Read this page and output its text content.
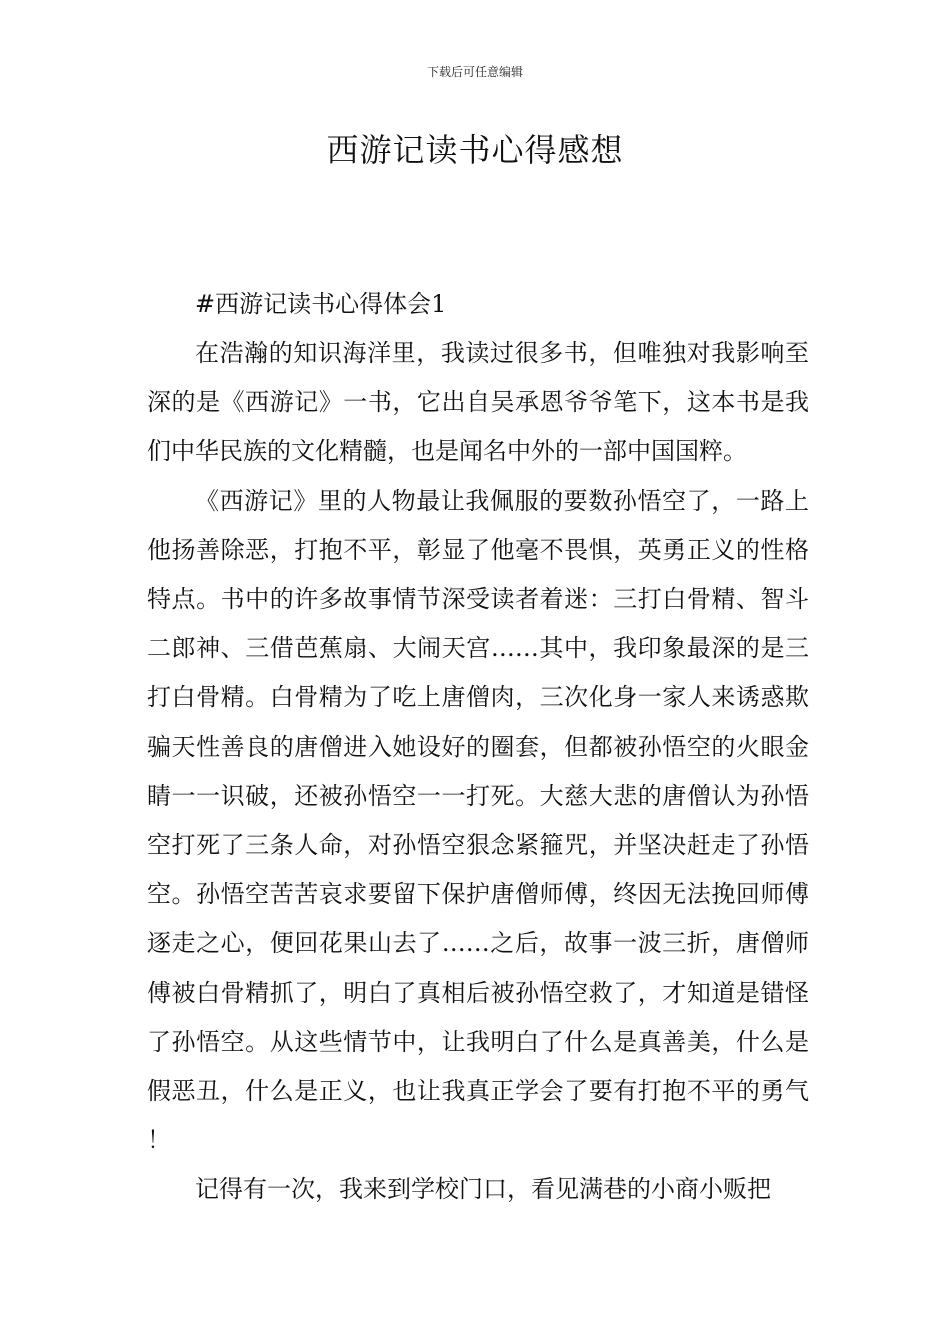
下载后可任意编辑
西游记读书心得感想

#西游记读书心得体会1

在浩瀚的知识海洋里，我读过很多书，但唯独对我影响至深的是《西游记》一书，它出自吴承恩爷爷笔下，这本书是我们中华民族的文化精髓，也是闻名中外的一部中国国粹。

《西游记》里的人物最让我佩服的要数孙悟空了，一路上他扬善除恶，打抱不平，彰显了他毫不畏惧，英勇正义的性格特点。书中的许多故事情节深受读者着迷：三打白骨精、智斗二郎神、三借芭蕉扇、大闹天宫……其中，我印象最深的是三打白骨精。白骨精为了吃上唐僧肉，三次化身一家人来诱惑欺骗天性善良的唐僧进入她设好的圈套，但都被孙悟空的火眼金睛一一识破，还被孙悟空一一打死。大慈大悲的唐僧认为孙悟空打死了三条人命，对孙悟空狠念紧箍咒，并坚决赶走了孙悟空。孙悟空苦苦哀求要留下保护唐僧师傅，终因无法挽回师傅逐走之心，便回花果山去了……之后，故事一波三折，唐僧师傅被白骨精抓了，明白了真相后被孙悟空救了，才知道是错怪了孙悟空。从这些情节中，让我明白了什么是真善美，什么是假恶丑，什么是正义，也让我真正学会了要有打抱不平的勇气！

记得有一次，我来到学校门口，看见满巷的小商小贩把
